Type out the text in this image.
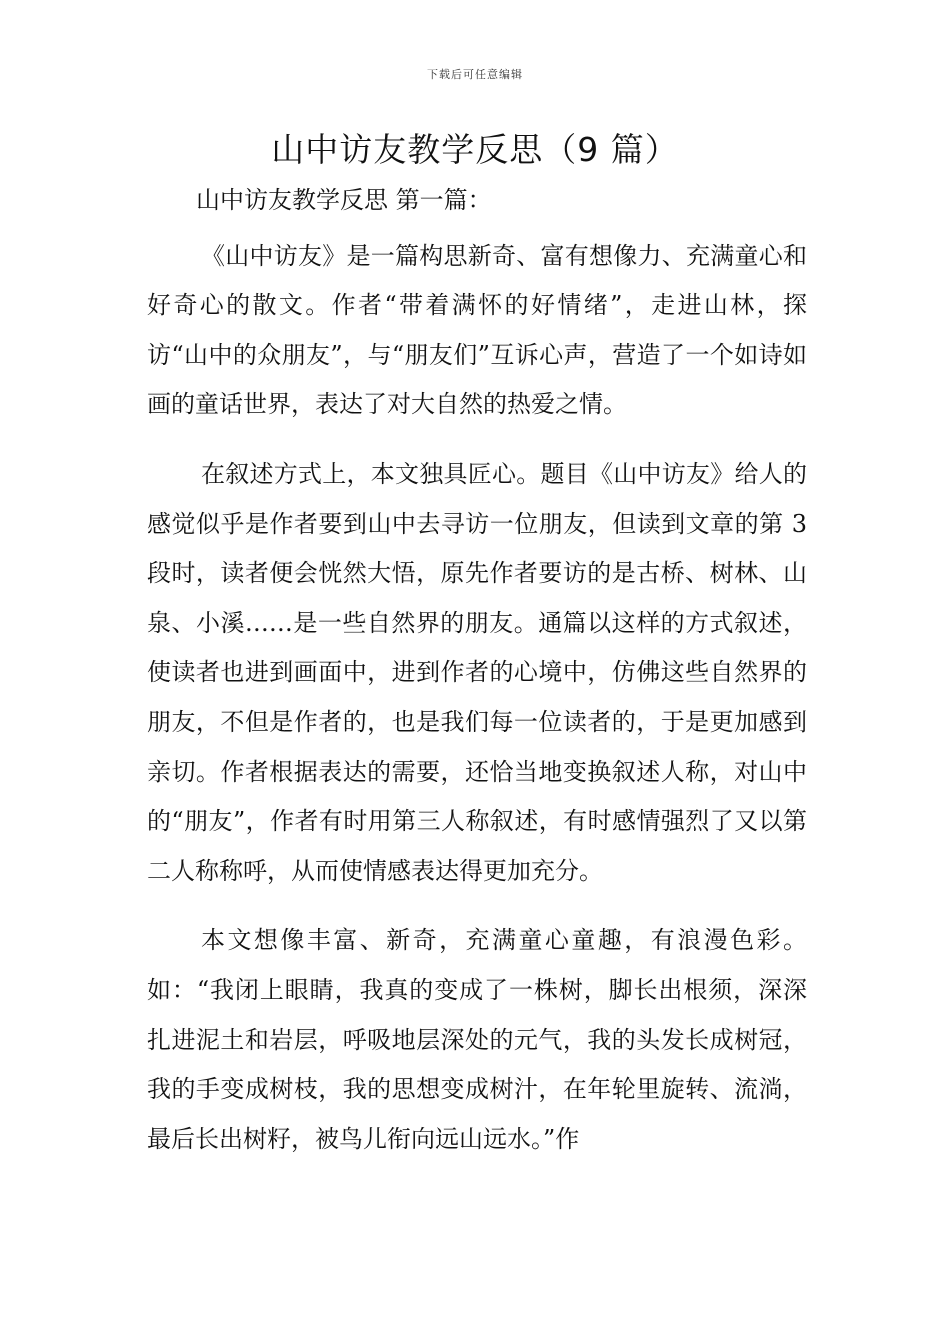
下载后可任意编辑
山中访友教学反思（9 篇）

山中访友教学反思 第一篇：

《山中访友》是一篇构思新奇、富有想像力、充满童心和好奇心的散文。作者“带着满怀的好情绪”，走进山林，探访“山中的众朋友”，与“朋友们”互诉心声，营造了一个如诗如画的童话世界，表达了对大自然的热爱之情。

在叙述方式上，本文独具匠心。题目《山中访友》给人的感觉似乎是作者要到山中去寻访一位朋友，但读到文章的第 3 段时，读者便会恍然大悟，原先作者要访的是古桥、树林、山泉、小溪……是一些自然界的朋友。通篇以这样的方式叙述，使读者也进到画面中，进到作者的心境中，仿佛这些自然界的朋友，不但是作者的，也是我们每一位读者的，于是更加感到亲切。作者根据表达的需要，还恰当地变换叙述人称，对山中的“朋友”，作者有时用第三人称叙述，有时感情强烈了又以第二人称称呼，从而使情感表达得更加充分。

本文想像丰富、新奇，充满童心童趣，有浪漫色彩。如：“我闭上眼睛，我真的变成了一株树，脚长出根须，深深扎进泥土和岩层，呼吸地层深处的元气，我的头发长成树冠，我的手变成树枝，我的思想变成树汁，在年轮里旋转、流淌，最后长出树籽，被鸟儿衔向远山远水。”作
